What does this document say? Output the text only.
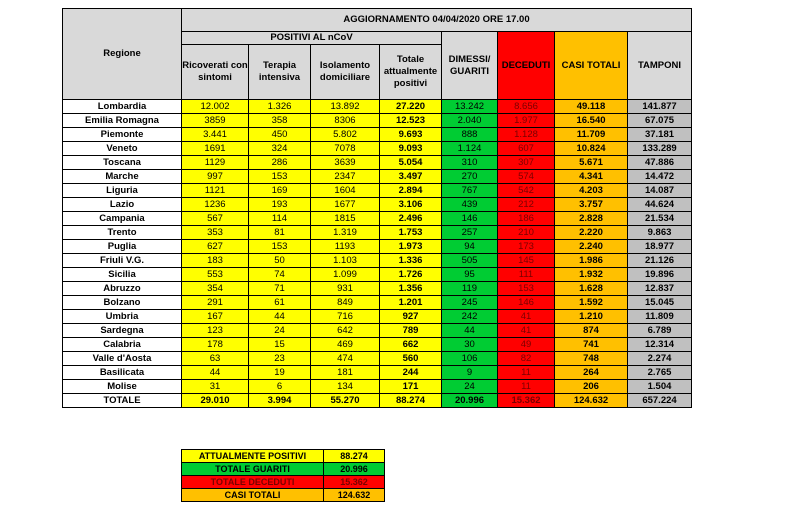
Regione	AGGIORNAMENTO 04/04/2020 ORE 17.00							
	POSITIVI AL nCoV				DIMESSI/ GUARITI	DECEDUTI	CASI TOTALI	TAMPONI
	Ricoverati con sintomi	Terapia intensiva	Isolamento domiciliare	Totale attualmente positivi				
Lombardia	12.002	1.326	13.892	27.220	13.242	8.656	49.118	141.877
Emilia Romagna	3859	358	8306	12.523	2.040	1.977	16.540	67.075
Piemonte	3.441	450	5.802	9.693	888	1.128	11.709	37.181
Veneto	1691	324	7078	9.093	1.124	607	10.824	133.289
Toscana	1129	286	3639	5.054	310	307	5.671	47.886
Marche	997	153	2347	3.497	270	574	4.341	14.472
Liguria	1121	169	1604	2.894	767	542	4.203	14.087
Lazio	1236	193	1677	3.106	439	212	3.757	44.624
Campania	567	114	1815	2.496	146	186	2.828	21.534
Trento	353	81	1.319	1.753	257	210	2.220	9.863
Puglia	627	153	1193	1.973	94	173	2.240	18.977
Friuli V.G.	183	50	1.103	1.336	505	145	1.986	21.126
Sicilia	553	74	1.099	1.726	95	111	1.932	19.896
Abruzzo	354	71	931	1.356	119	153	1.628	12.837
Bolzano	291	61	849	1.201	245	146	1.592	15.045
Umbria	167	44	716	927	242	41	1.210	11.809
Sardegna	123	24	642	789	44	41	874	6.789
Calabria	178	15	469	662	30	49	741	12.314
Valle d'Aosta	63	23	474	560	106	82	748	2.274
Basilicata	44	19	181	244	9	11	264	2.765
Molise	31	6	134	171	24	11	206	1.504
TOTALE	29.010	3.994	55.270	88.274	20.996	15.362	124.632	657.224
ATTUALMENTE POSITIVI	88.274
TOTALE GUARITI	20.996
TOTALE DECEDUTI	15.362
CASI TOTALI	124.632
